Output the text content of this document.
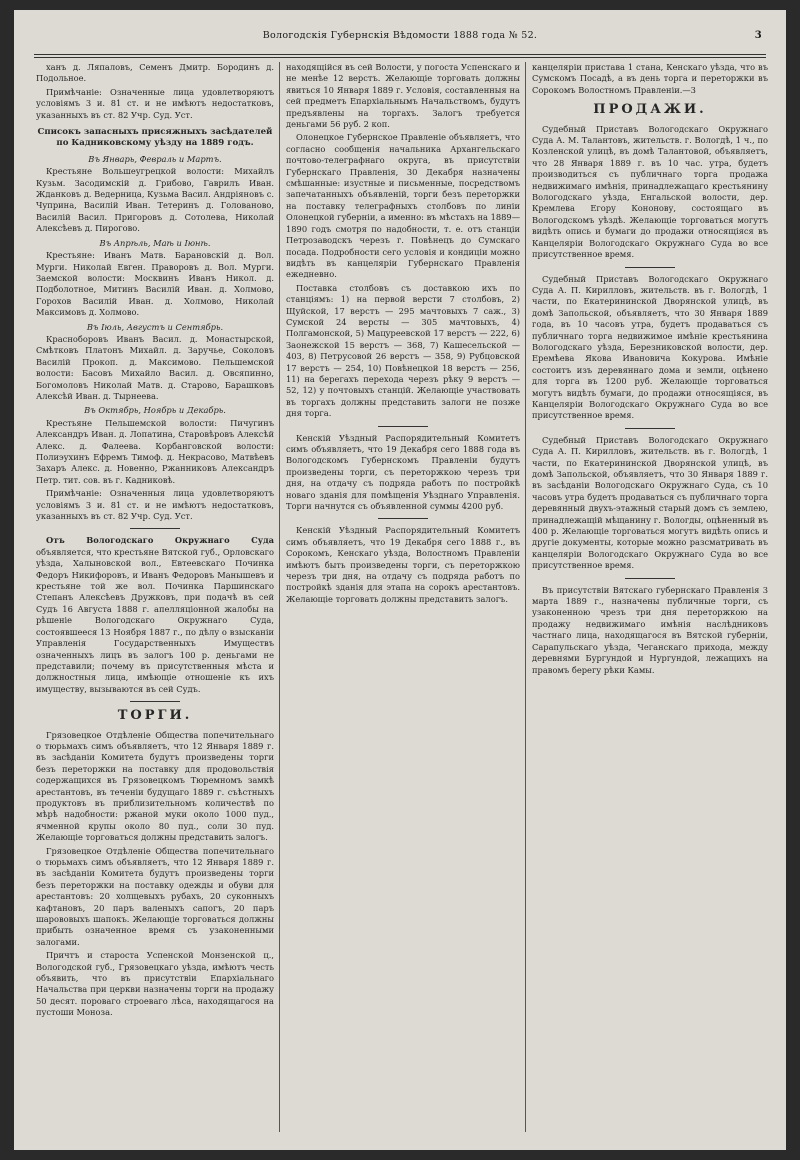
Вологодскія Губернскія Вѣдомости 1888 года № 52.	3

ханъ д. Ляпаловъ, Семенъ Дмитр. Бородинъ д. Подольное.

Примѣчаніе: Означенные лица удовлетворяютъ условіямъ 3 и. 81 ст. и не имѣютъ недостатковъ, указанныхъ въ ст. 82 Учр. Суд. Уст.

Списокъ запасныхъ присяжныхъ засѣдателей по Кадниковскому уѣзду на 1889 годъ.

Въ Январь, Февраль и Мартъ.

Крестьяне Вольшеугрецкой волости: Михайлъ Кузьм. Засодимскій д. Грибово, Гаврилъ Иван. Жданковъ д. Ведерница, Кузьма Васил. Андріяновъ с. Чуприна, Василій Иван. Тетеринъ д. Голованово, Василій Васил. Пригоровъ д. Сотолева, Николай Алексѣевъ д. Пирогово.

Въ Апрѣль, Маѣ и Іюнѣ.

Крестьяне: Иванъ Матв. Барановскій д. Вол. Мурги. Николай Евген. Праворовъ д. Вол. Мурги. Заемской волости: Москвинъ Иванъ Никол. д. Подболотное, Митинъ Василій Иван. д. Холмово, Горохов Василій Иван. д. Холмово, Николай Максимовъ д. Холмово.

Въ Іюль, Августъ и Сентябрь.

Красноборовъ Иванъ Васил. д. Монастырской, Смѣтковъ Платонъ Михайл. д. Заручье, Соколовъ Василій Прокоп. д. Максимово. Пельшемской волости: Басовъ Михайло Васил. д. Овсяпинно, Богомоловъ Николай Матв. д. Старово, Барашковъ Алексѣй Иван. д. Тырнеева.

Въ Октябрь, Ноябрь и Декабрь.

Крестьяне Пельшемской волости: Пичугинъ Александръ Иван. д. Лопатина, Старовѣровъ Алексѣй Алекс. д. Фалеева. Корбанговской волости: Полиэухинъ Ефремъ Тимоф. д. Некрасово, Матвѣевъ Захаръ Алекс. д. Новенно, Ржанниковъ Александръ Петр. тит. сов. въ г. Кадниковѣ.

Примѣчаніе: Означенныя лица удовлетворяютъ условіямъ 3 и. 81 ст. и не имѣютъ недостатковъ, указанныхъ въ ст. 82 Учр. Суд. Уст.

Отъ Вологодскаго Окружнаго Суда объявляется, что крестьяне Вятской губ., Орловскаго уѣзда, Халыновской вол., Евтеевскаго Починка Федоръ Никифоровъ, и Иванъ Федоровъ Манышевъ и крестьяне той же вол. Починка Паршинскаго Степанъ Алексѣевъ Дружковъ, при подачѣ въ сей Судъ 16 Августа 1888 г. апелляціонной жалобы на рѣшеніе Вологодскаго Окружнаго Суда, состоявшееся 13 Ноября 1887 г., по дѣлу о взысканіи Управленія Государственныхъ Имуществъ означенныхъ лицъ въ залогъ 100 р. деньгами не представили; почему въ присутственныя мѣста и должностныя лица, имѣющіе отношеніе къ ихъ имуществу, вызываются въ сей Судъ.

ТОРГИ.

Грязовецкое Отдѣленіе Общества попечительнаго о тюрьмахъ симъ объявляетъ, что 12 Января 1889 г. въ засѣданіи Комитета будутъ произведены торги безъ переторжки на поставку для продовольствія содержащихся въ Грязовецкомъ Тюремномъ замкѣ арестантовъ, въ теченіи будущаго 1889 г. съѣстныхъ продуктовъ въ приблизительномъ количествѣ по мѣрѣ надобности: ржаной муки около 1000 пуд., ячменной крупы около 80 пуд., соли 30 пуд. Желающіе торговаться должны представить залогъ.

Грязовецкое Отдѣленіе Общества попечительнаго о тюрьмахъ симъ объявляетъ, что 12 Января 1889 г. въ засѣданіи Комитета будутъ произведены торги безъ переторжки на поставку одежды и обуви для арестантовъ: 20 холщевыхъ рубахъ, 20 суконныхъ кафтановъ, 20 паръ валеныхъ сапогъ, 20 паръ шарововыхъ шапокъ. Желающіе торговаться должны прибыть означенное время съ узаконенными залогами.

Причтъ и староста Успенской Монзенской ц., Вологодской губ., Грязовецкаго уѣзда, имѣютъ честь объявить, что въ присутствіи Епархіальнаго Начальства при церкви назначены торги на продажу 50 десят. пороваго строеваго лѣса, находящагося на пустоши Моноза.

находящійся въ сей Волости, у погоста Успенскаго и не менѣе 12 верстъ. Желающіе торговать должны явиться 10 Января 1889 г. Условія, составленныя на сей предметъ Епархіальнымъ Начальствомъ, будутъ предъявлены на торгахъ. Залогъ требуется деньгами 56 руб. 2 коп.

Олонецкое Губернское Правленіе объявляетъ, что согласно сообщенія начальника Архангельскаго почтово-телеграфнаго округа, въ присутствіи Губернскаго Правленія, 30 Декабря назначены смѣшанные: изустные и письменные, посредствомъ запечатанныхъ объявленій, торги безъ переторжки на поставку телеграфныхъ столбовъ по линіи Олонецкой губерніи, а именно: въ мѣстахъ на 1889—1890 годъ смотря по надобности, т. е. отъ станціи Петрозаводскъ черезъ г. Повѣнецъ до Сумскаго посада. Подробности сего условія и кондиціи можно видѣть въ канцеляріи Губернскаго Правленія ежедневно.

Поставка столбовъ съ доставкою ихъ по станціямъ: 1) на первой версти 7 столбовъ, 2) Щуйской, 17 верстъ — 295 мачтовыхъ 7 саж., 3) Сумской 24 версты — 305 мачтовыхъ, 4) Полгамонской, 5) Мацуреевской 17 верстъ — 222, 6) Заонежской 15 верстъ — 368, 7) Кашесельской — 403, 8) Петрусовой 26 верстъ — 358, 9) Рубцовской 17 верстъ — 254, 10) Повѣнецкой 18 верстъ — 256, 11) на берегахъ перехода черезъ рѣку 9 верстъ — 52, 12) у почтовыхъ станцій. Желающіе участвовать въ торгахъ должны представить залоги не позже дня торга.

Кенскій Уѣздный Распорядительный Комитетъ симъ объявляетъ, что 19 Декабря сего 1888 года въ Вологодскомъ Губернскомъ Правленіи будутъ произведены торги, съ переторжкою черезъ три дня, на отдачу съ подряда работъ по постройкѣ новаго зданія для помѣщенія Уѣзднаго Управленія. Торги начнутся съ объявленной суммы 4200 руб.

Кенскій Уѣздный Распорядительный Комитетъ симъ объявляетъ, что 19 Декабря сего 1888 г., въ Сорокомъ, Кенскаго уѣзда, Волостномъ Правленіи имѣютъ быть произведены торги, съ переторжкою черезъ три дня, на отдачу съ подряда работъ по постройкѣ зданія для этапа на сорокъ арестантовъ. Желающіе торговать должны представить залогъ.

канцеляріи пристава 1 стана, Кенскаго уѣзда, что въ Сумскомъ Посадѣ, а въ день торга и переторжки въ Сорокомъ Волостномъ Правленіи.—3

ПРОДАЖИ.

Судебный Приставъ Вологодскаго Окружнаго Суда А. М. Талантовъ, жительств. г. Вологдѣ, 1 ч., по Козленской улицѣ, въ домѣ Талантовой, объявляетъ, что 28 Января 1889 г. въ 10 час. утра, будетъ производиться съ публичнаго торга продажа недвижимаго имѣнія, принадлежащаго крестьянину Вологодскаго уѣзда, Енгальской волости, дер. Кремлева Егору Кононову, состоящаго въ Вологодскомъ уѣздѣ. Желающіе торговаться могутъ видѣть опись и бумаги до продажи относящіяся въ Канцеляріи Вологодскаго Окружнаго Суда во все присутственное время.

Судебный Приставъ Вологодскаго Окружнаго Суда А. П. Кирилловъ, жительств. въ г. Вологдѣ, 1 части, по Екатерининской Дворянской улицѣ, въ домѣ Запольской, объявляетъ, что 30 Января 1889 года, въ 10 часовъ утра, будетъ продаваться съ публичнаго торга недвижимое имѣніе крестьянина Вологодскаго уѣзда, Березниковской волости, дер. Еремѣева Якова Ивановича Кокурова. Имѣніе состоитъ изъ деревяннаго дома и земли, оцѣнено для торга въ 1200 руб. Желающіе торговаться могутъ видѣть бумаги, до продажи относящіяся, въ Канцеляріи Вологодскаго Окружнаго Суда во все присутственное время.

Судебный Приставъ Вологодскаго Окружнаго Суда А. П. Кирилловъ, жительств. въ г. Вологдѣ, 1 части, по Екатерининской Дворянской улицѣ, въ домѣ Запольской, объявляетъ, что 30 Января 1889 г. въ засѣданіи Вологодскаго Окружнаго Суда, съ 10 часовъ утра будетъ продаваться съ публичнаго торга деревянный двухъ-этажный старый домъ съ землею, принадлежащій мѣщанину г. Вологды, оцѣненный въ 400 р. Желающіе торговаться могутъ видѣть опись и другіе документы, которые можно разсматривать въ канцеляріи Вологодскаго Окружнаго Суда во все присутственное время.

Въ присутствіи Вятскаго губернскаго Правленія 3 марта 1889 г., назначены публичные торги, съ узаконенною чрезъ три дня переторжкою на продажу недвижимаго имѣнія наслѣдниковъ частнаго лица, находящагося въ Вятской губерніи, Сарапульскаго уѣзда, Чеганскаго прихода, между деревнями Бургундой и Нургундой, лежащихъ на правомъ берегу рѣки Камы.
